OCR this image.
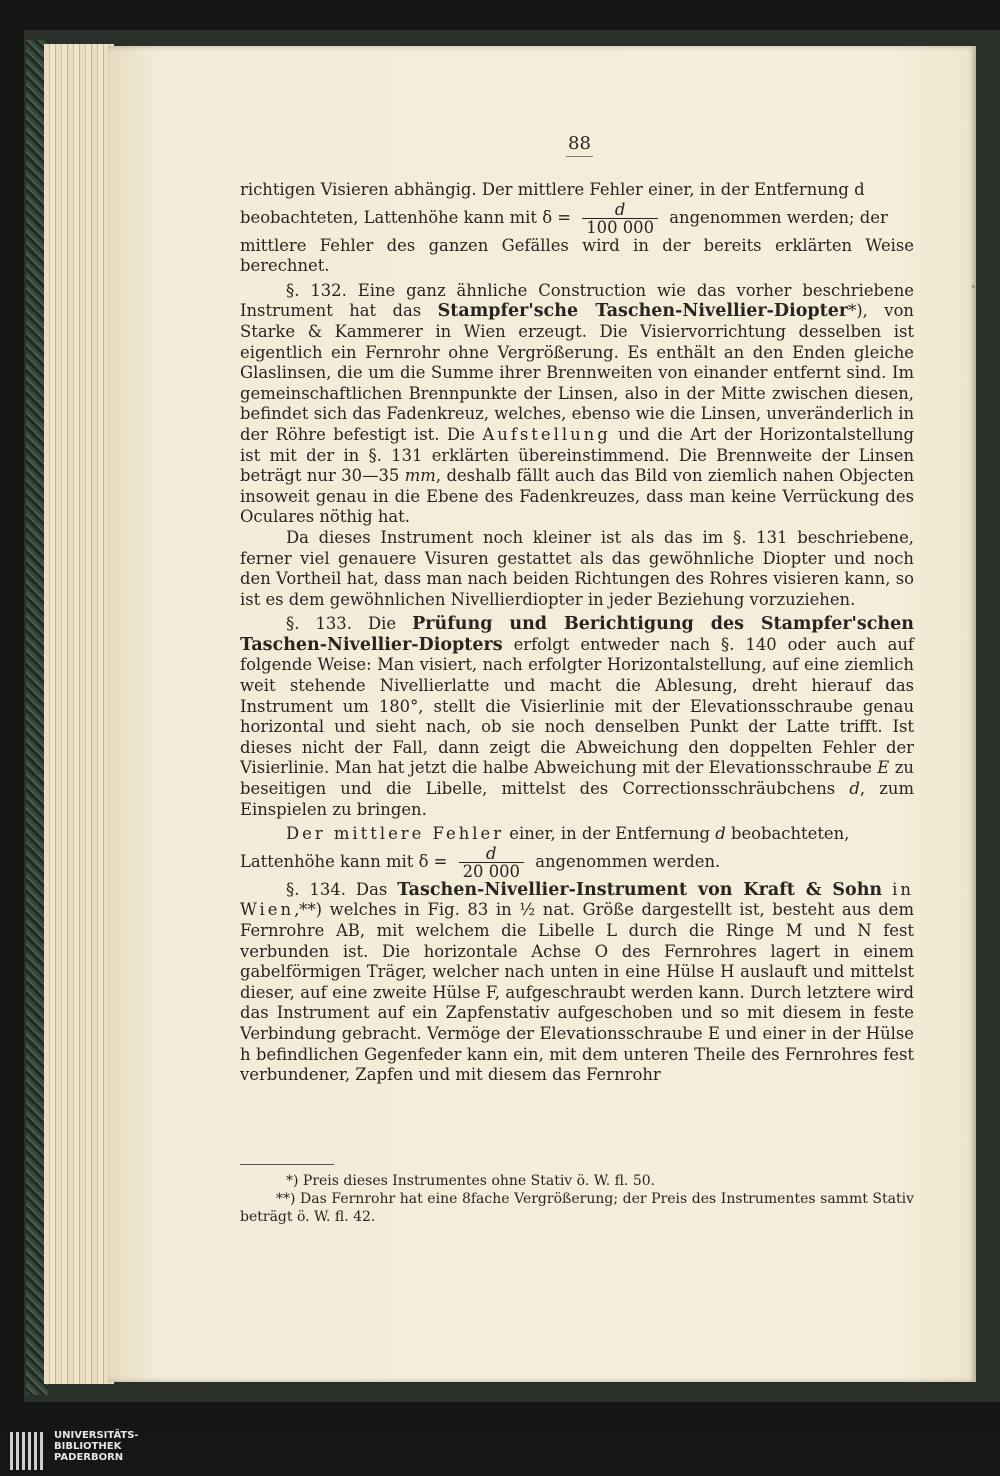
88

richtigen Visieren abhängig. Der mittlere Fehler einer, in der Entfernung d

beobachteten, Lattenhöhe kann mit $\delta = \frac{d}{100 000}$ angenommen werden; der

mittlere Fehler des ganzen Gefälles wird in der bereits erklärten Weise berechnet.

§. 132. Eine ganz ähnliche Construction wie das vorher beschriebene Instrument hat das Stampfer'sche Taschen-Nivellier-Diopter*), von Starke & Kammerer in Wien erzeugt. Die Visiervorrichtung desselben ist eigentlich ein Fernrohr ohne Vergrößerung. Es enthält an den Enden gleiche Glaslinsen, die um die Summe ihrer Brennweiten von einander entfernt sind. Im gemeinschaftlichen Brennpunkte der Linsen, also in der Mitte zwischen diesen, befindet sich das Fadenkreuz, welches, ebenso wie die Linsen, unveränderlich in der Röhre befestigt ist. Die Aufstellung und die Art der Horizontalstellung ist mit der in §. 131 erklärten übereinstimmend. Die Brennweite der Linsen beträgt nur 30—35 mm, deshalb fällt auch das Bild von ziemlich nahen Objecten insoweit genau in die Ebene des Fadenkreuzes, dass man keine Verrückung des Oculares nöthig hat.

Da dieses Instrument noch kleiner ist als das im §. 131 beschriebene, ferner viel genauere Visuren gestattet als das gewöhnliche Diopter und noch den Vortheil hat, dass man nach beiden Richtungen des Rohres visieren kann, so ist es dem gewöhnlichen Nivellierdiopter in jeder Beziehung vorzuziehen.

§. 133. Die Prüfung und Berichtigung des Stampfer'schen Taschen-Nivellier-Diopters erfolgt entweder nach §. 140 oder auch auf folgende Weise: Man visiert, nach erfolgter Horizontalstellung, auf eine ziemlich weit stehende Nivellierlatte und macht die Ablesung, dreht hierauf das Instrument um 180°, stellt die Visierlinie mit der Elevationsschraube genau horizontal und sieht nach, ob sie noch denselben Punkt der Latte trifft. Ist dieses nicht der Fall, dann zeigt die Abweichung den doppelten Fehler der Visierlinie. Man hat jetzt die halbe Abweichung mit der Elevationsschraube E zu beseitigen und die Libelle, mittelst des Correctionsschräubchens d, zum Einspielen zu bringen.

Der mittlere Fehler einer, in der Entfernung d beobachteten,

Lattenhöhe kann mit $\delta = \frac{d}{20 000}$ angenommen werden.

§. 134. Das Taschen-Nivellier-Instrument von Kraft & Sohn in Wien,**) welches in Fig. 83 in ½ nat. Größe dargestellt ist, besteht aus dem Fernrohre AB, mit welchem die Libelle L durch die Ringe M und N fest verbunden ist. Die horizontale Achse O des Fernrohres lagert in einem gabelförmigen Träger, welcher nach unten in eine Hülse H auslauft und mittelst dieser, auf eine zweite Hülse F, aufgeschraubt werden kann. Durch letztere wird das Instrument auf ein Zapfenstativ aufgeschoben und so mit diesem in feste Verbindung gebracht. Vermöge der Elevationsschraube E und einer in der Hülse h befindlichen Gegenfeder kann ein, mit dem unteren Theile des Fernrohres fest verbundener, Zapfen und mit diesem das Fernrohr

*) Preis dieses Instrumentes ohne Stativ ö. W. fl. 50.

**) Das Fernrohr hat eine 8fache Vergrößerung; der Preis des Instrumentes sammt Stativ beträgt ö. W. fl. 42.

UNIVERSITÄTS-
BIBLIOTHEK
PADERBORN
